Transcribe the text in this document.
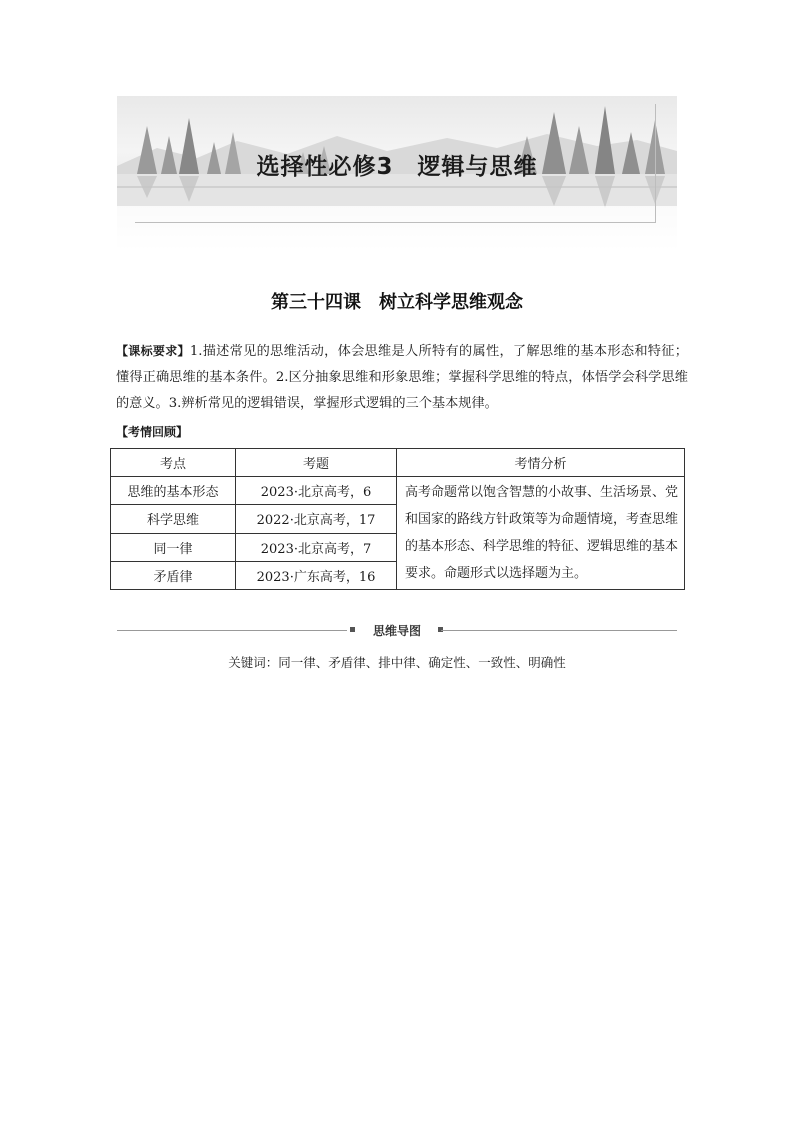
选择性必修3　逻辑与思维
第三十四课　树立科学思维观念
【课标要求】1.描述常见的思维活动，体会思维是人所特有的属性，了解思维的基本形态和特征；懂得正确思维的基本条件。2.区分抽象思维和形象思维；掌握科学思维的特点，体悟学会科学思维的意义。3.辨析常见的逻辑错误，掌握形式逻辑的三个基本规律。
【考情回顾】
考点	考题	考情分析
思维的基本形态	2023·北京高考，6	高考命题常以饱含智慧的小故事、生活场景、党和国家的路线方针政策等为命题情境，考查思维的基本形态、科学思维的特征、逻辑思维的基本要求。命题形式以选择题为主。
科学思维	2022·北京高考，17	
同一律	2023·北京高考，7	
矛盾律	2023·广东高考，16	
思维导图
关键词：同一律、矛盾律、排中律、确定性、一致性、明确性
